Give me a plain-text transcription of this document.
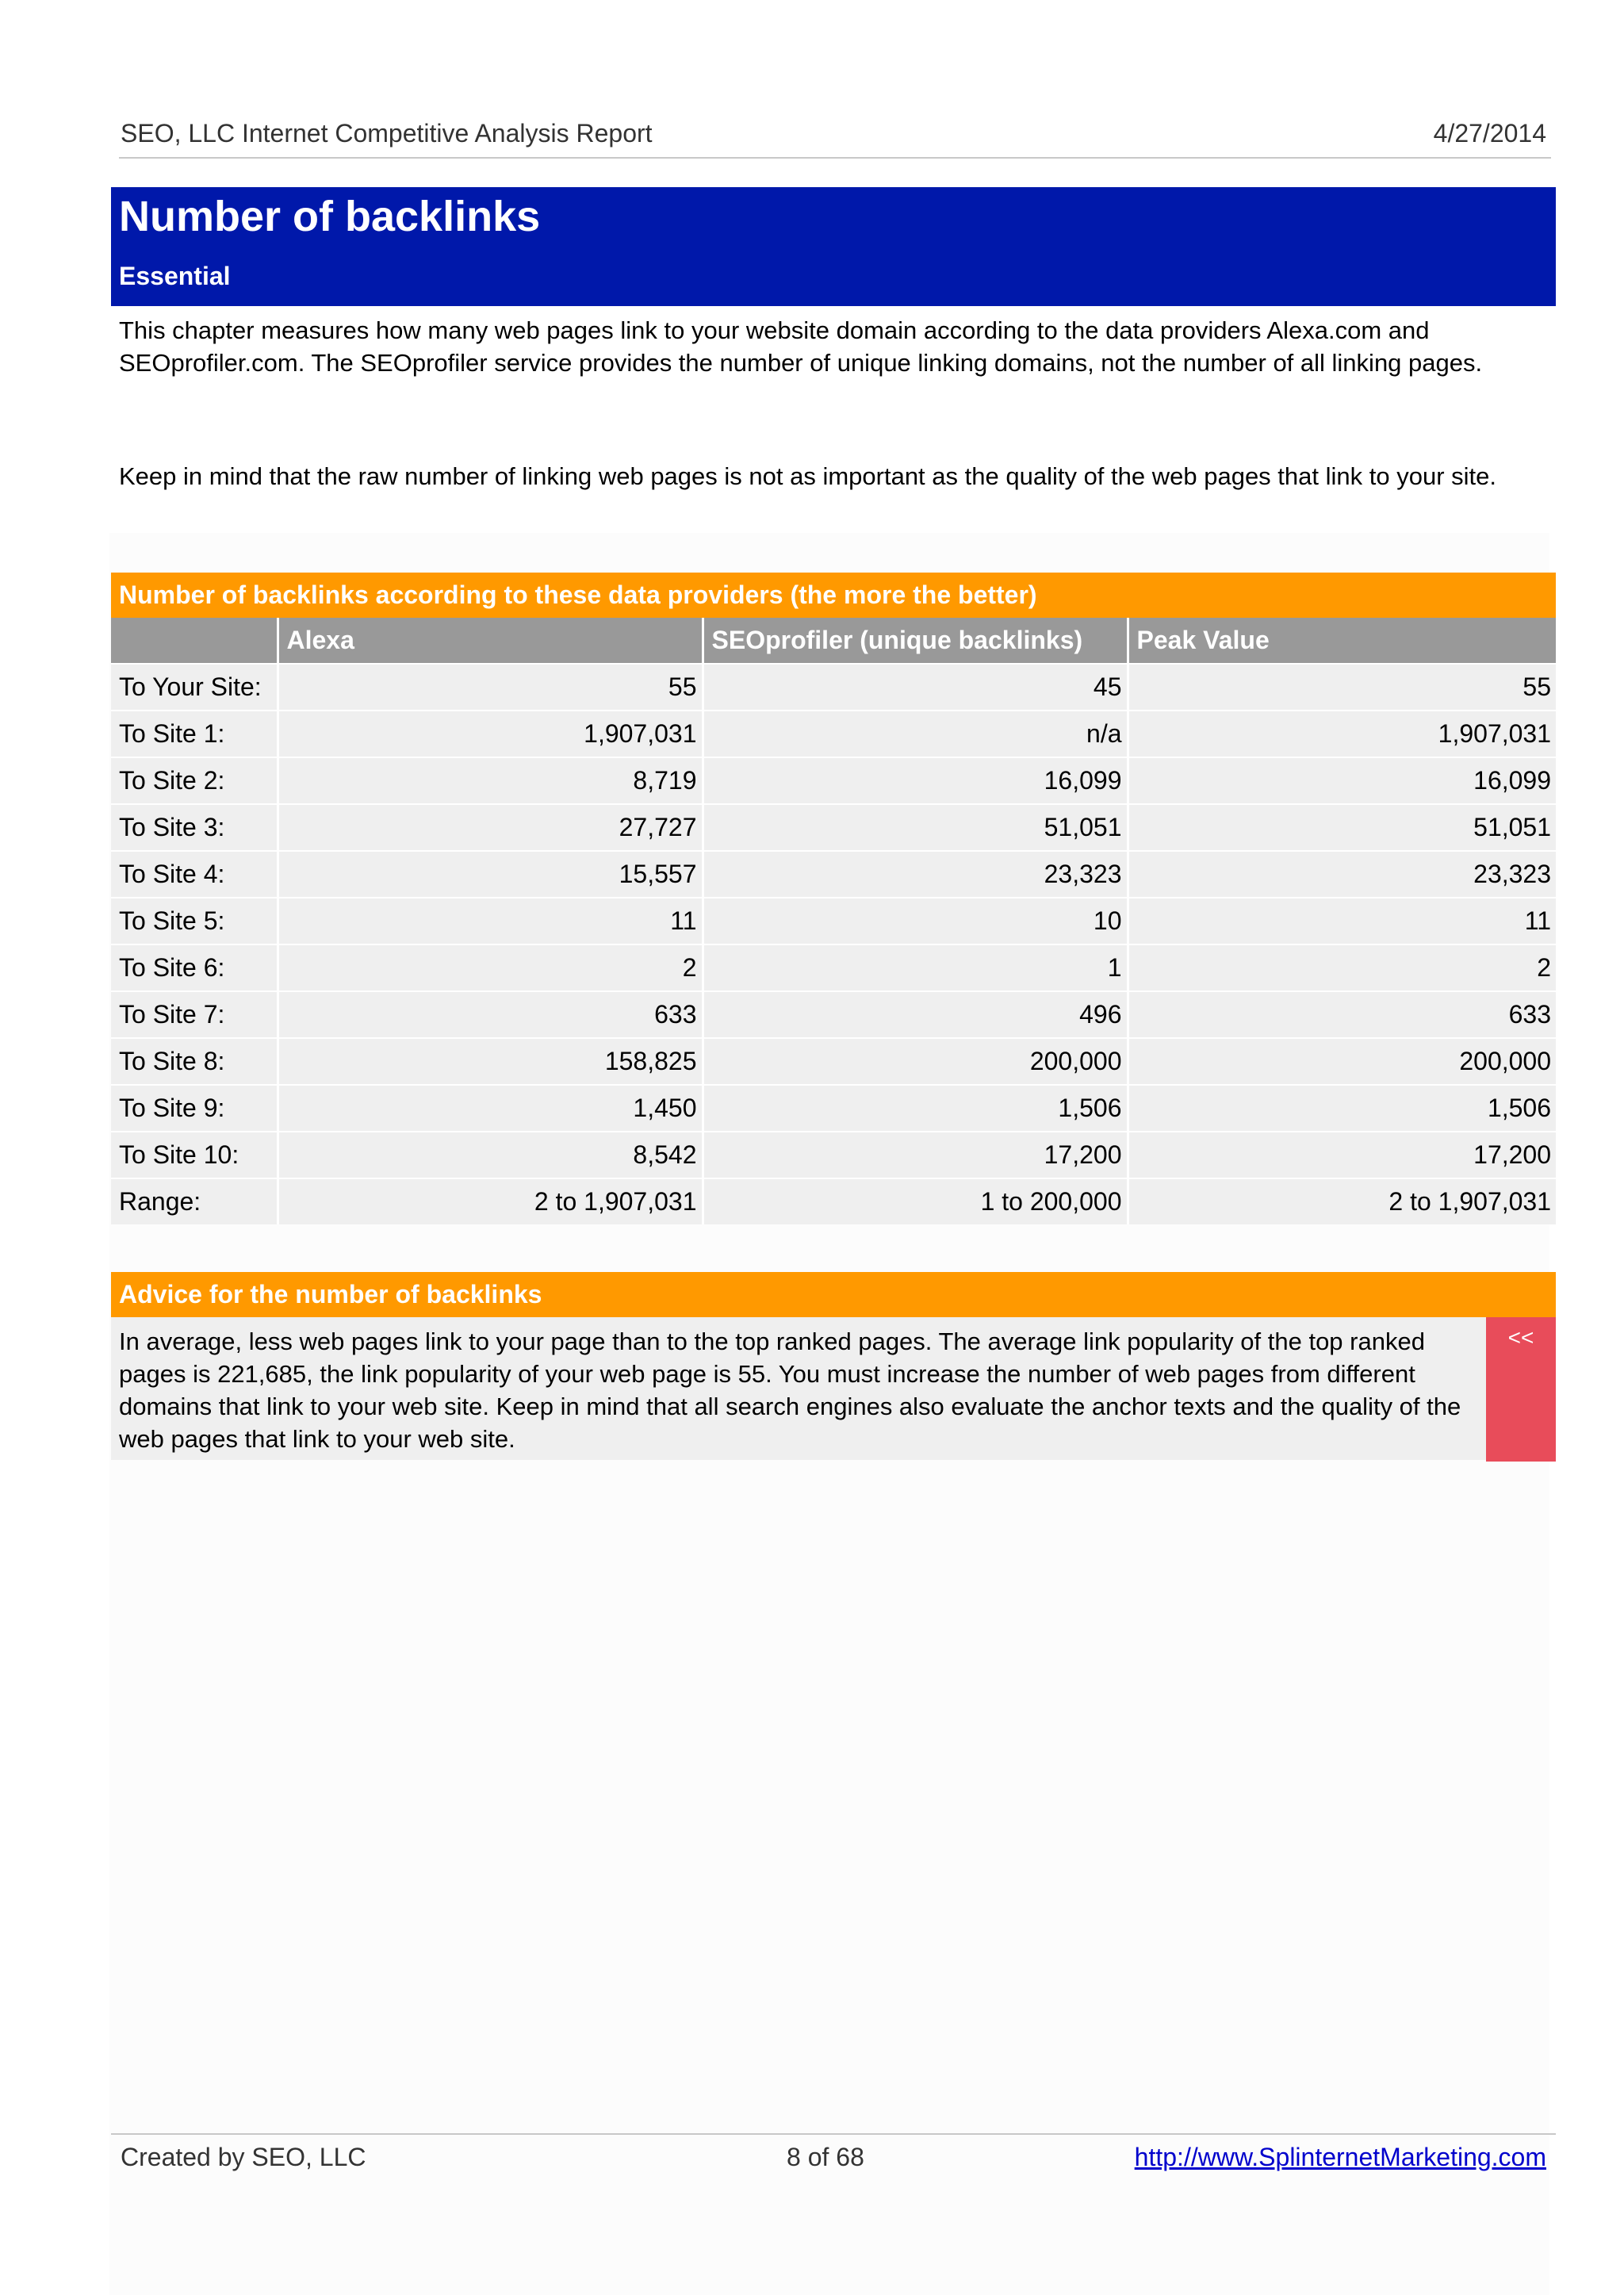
SEO, LLC Internet Competitive Analysis Report	4/27/2014
Number of backlinks
Essential
This chapter measures how many web pages link to your website domain according to the data providers Alexa.com and SEOprofiler.com. The SEOprofiler service provides the number of unique linking domains, not the number of all linking pages.
Keep in mind that the raw number of linking web pages is not as important as the quality of the web pages that link to your site.
Number of backlinks according to these data providers (the more the better)			
	Alexa	SEOprofiler (unique backlinks)	Peak Value
To Your Site:	55	45	55
To Site 1:	1,907,031	n/a	1,907,031
To Site 2:	8,719	16,099	16,099
To Site 3:	27,727	51,051	51,051
To Site 4:	15,557	23,323	23,323
To Site 5:	11	10	11
To Site 6:	2	1	2
To Site 7:	633	496	633
To Site 8:	158,825	200,000	200,000
To Site 9:	1,450	1,506	1,506
To Site 10:	8,542	17,200	17,200
Range:	2 to 1,907,031	1 to 200,000	2 to 1,907,031
Advice for the number of backlinks
In average, less web pages link to your page than to the top ranked pages. The average link popularity of the top ranked pages is 221,685, the link popularity of your web page is 55. You must increase the number of web pages from different domains that link to your web site. Keep in mind that all search engines also evaluate the anchor texts and the quality of the web pages that link to your web site.
<<
Created by SEO, LLC	8 of 68	http://www.SplinternetMarketing.com
